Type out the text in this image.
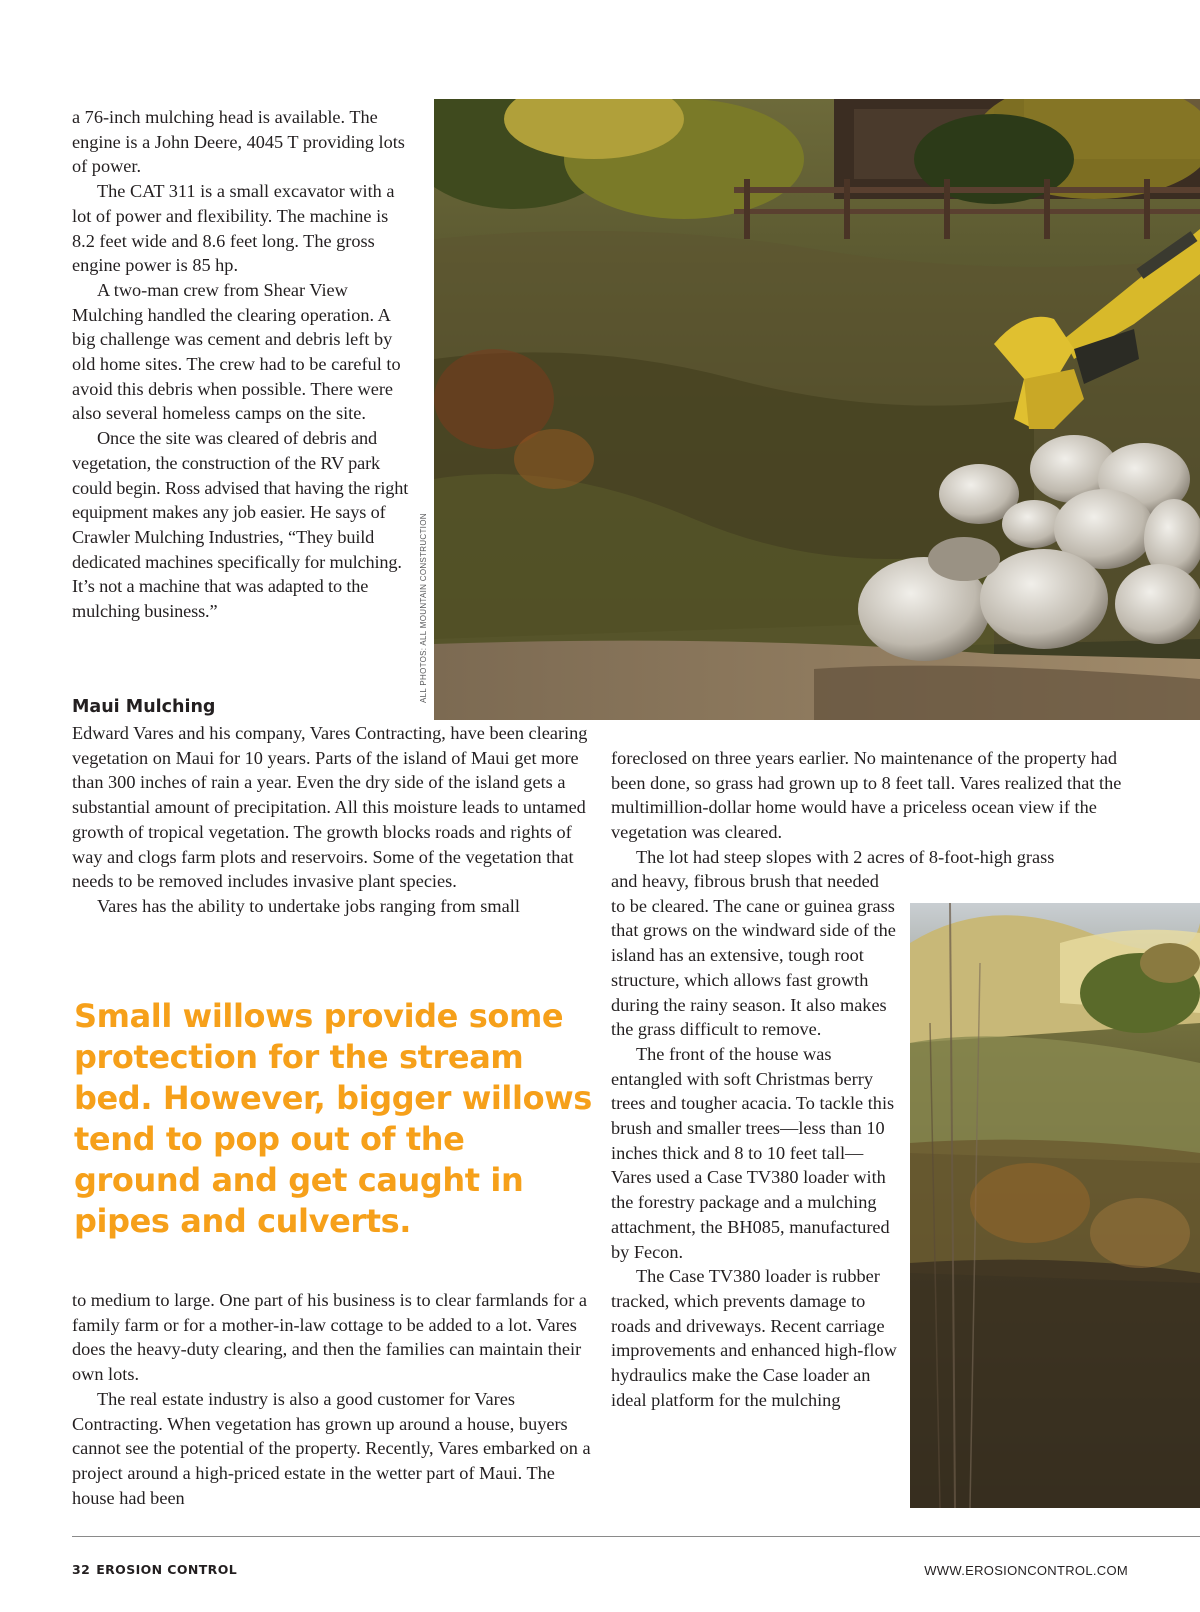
a 76-inch mulching head is available. The engine is a John Deere, 4045 T providing lots of power.

The CAT 311 is a small excavator with a lot of power and flexibility. The machine is 8.2 feet wide and 8.6 feet long. The gross engine power is 85 hp.

A two-man crew from Shear View Mulching handled the clearing operation. A big challenge was cement and debris left by old home sites. The crew had to be careful to avoid this debris when possible. There were also several homeless camps on the site.

Once the site was cleared of debris and vegetation, the construction of the RV park could begin. Ross advised that having the right equipment makes any job easier. He says of Crawler Mulching Industries, “They build dedicated machines specifically for mulching. It’s not a machine that was adapted to the mulching business.”	ALL PHOTOS: ALL MOUNTAIN CONSTRUCTION

Maui Mulching

Edward Vares and his company, Vares Contracting, have been clearing vegetation on Maui for 10 years. Parts of the island of Maui get more than 300 inches of rain a year. Even the dry side of the island gets a substantial amount of precipitation. All this moisture leads to untamed growth of tropical vegetation. The growth blocks roads and rights of way and clogs farm plots and reservoirs. Some of the vegetation that needs to be removed includes invasive plant species.

Vares has the ability to undertake jobs ranging from small

Small willows provide some protection for the stream bed. However, bigger willows tend to pop out of the ground and get caught in pipes and culverts.

to medium to large. One part of his business is to clear farmlands for a family farm or for a mother-in-law cottage to be added to a lot. Vares does the heavy-duty clearing, and then the families can maintain their own lots.

The real estate industry is also a good customer for Vares Contracting. When vegetation has grown up around a house, buyers cannot see the potential of the property. Recently, Vares embarked on a project around a high-priced estate in the wetter part of Maui. The house had been

foreclosed on three years earlier. No maintenance of the property had been done, so grass had grown up to 8 feet tall. Vares realized that the multimillion-dollar home would have a priceless ocean view if the vegetation was cleared.

The lot had steep slopes with 2 acres of 8-foot-high grass

and heavy, fibrous brush that needed to be cleared. The cane or guinea grass that grows on the windward side of the island has an extensive, tough root structure, which allows fast growth during the rainy season. It also makes the grass difficult to remove.

The front of the house was entangled with soft Christmas berry trees and tougher acacia. To tackle this brush and smaller trees—less than 10 inches thick and 8 to 10 feet tall—Vares used a Case TV380 loader with the forestry package and a mulching attachment, the BH085, manufactured by Fecon.

The Case TV380 loader is rubber tracked, which prevents damage to roads and driveways. Recent carriage improvements and enhanced high-flow hydraulics make the Case loader an ideal platform for the mulching

32 EROSION CONTROL	WWW.EROSIONCONTROL.COM
